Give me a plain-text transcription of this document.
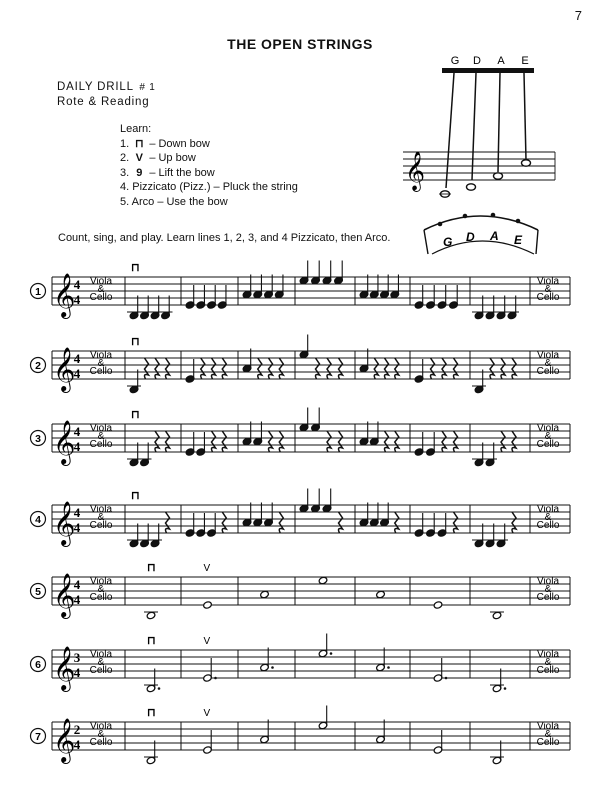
7
THE OPEN STRINGS
DAILY DRILL # 1
Rote & Reading
Learn:
1. ⊓ – Down bow
2. V – Up bow
3. 9 – Lift the bow
4. Pizzicato (Pizz.) – Pluck the string
5. Arco – Use the bow
Count, sing, and play. Learn lines 1, 2, 3, and 4 Pizzicato, then Arco.
G D A E
𝄞
G D A E
1 𝄞
4
4
Viola & Cello
Viola & Cello
⊓
2 𝄞
4
4
Viola & Cello
Viola & Cello
⊓
3 𝄞
4
4
Viola & Cello
Viola & Cello
⊓
4 𝄞
4
4
Viola & Cello
Viola & Cello
⊓
5 𝄞
4
4
Viola & Cello
Viola & Cello
⊓	V
6 𝄞
3
4
Viola & Cello
Viola & Cello
⊓	V
7 𝄞
2
4
Viola & Cello
Viola & Cello
⊓	V
